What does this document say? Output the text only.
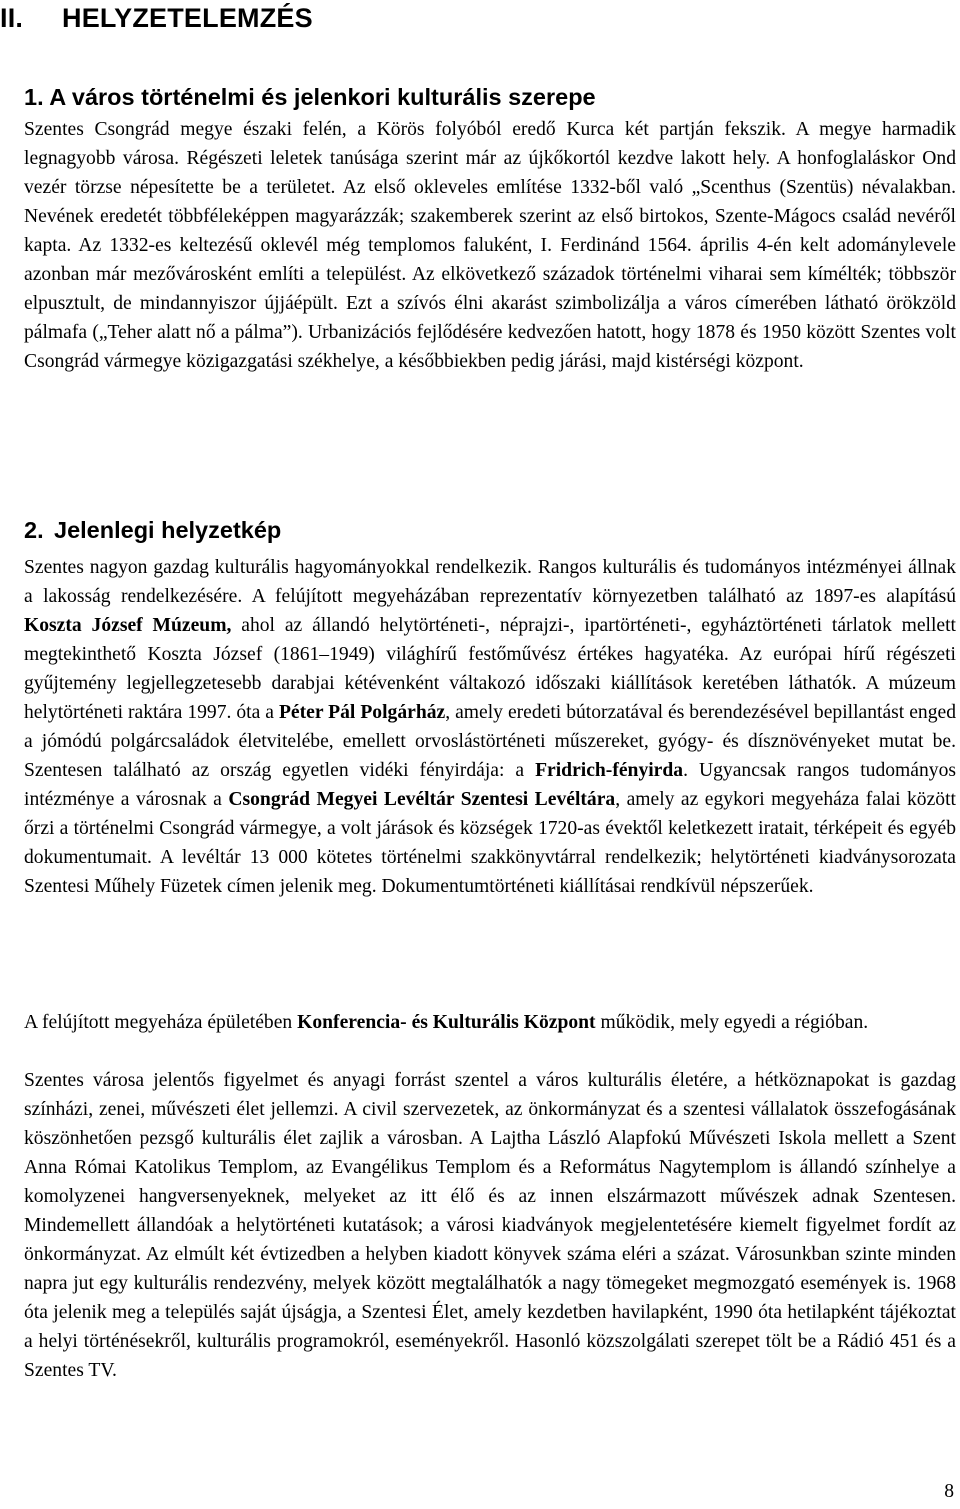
II. HELYZETELEMZÉS
1. A város történelmi és jelenkori kulturális szerepe

Szentes Csongrád megye északi felén, a Körös folyóból eredő Kurca két partján fekszik. A megye harmadik legnagyobb városa. Régészeti leletek tanúsága szerint már az újkőkortól kezdve lakott hely. A honfoglaláskor Ond vezér törzse népesítette be a területet. Az első okleveles említése 1332-ből való „Scenthus (Szentüs) névalakban. Nevének eredetét többféleképpen magyarázzák; szakemberek szerint az első birtokos, Szente-Mágocs család nevéről kapta. Az 1332-es keltezésű oklevél még templomos faluként, I. Ferdinánd 1564. április 4-én kelt adománylevele azonban már mezővárosként említi a települést. Az elkövetkező századok történelmi viharai sem kímélték; többször elpusztult, de mindannyiszor újjáépült. Ezt a szívós élni akarást szimbolizálja a város címerében látható örökzöld pálmafa („Teher alatt nő a pálma”). Urbanizációs fejlődésére kedvezően hatott, hogy 1878 és 1950 között Szentes volt Csongrád vármegye közigazgatási székhelye, a későbbiekben pedig járási, majd kistérségi központ.

2. Jelenlegi helyzetkép

Szentes nagyon gazdag kulturális hagyományokkal rendelkezik. Rangos kulturális és tudományos intézményei állnak a lakosság rendelkezésére. A felújított megyeházában reprezentatív környezetben található az 1897-es alapítású Koszta József Múzeum, ahol az állandó helytörténeti-, néprajzi-, ipartörténeti-, egyháztörténeti tárlatok mellett megtekinthető Koszta József (1861–1949) világhírű festőművész értékes hagyatéka. Az európai hírű régészeti gyűjtemény legjellegzetesebb darabjai kétévenként váltakozó időszaki kiállítások keretében láthatók. A múzeum helytörténeti raktára 1997. óta a Péter Pál Polgárház, amely eredeti bútorzatával és berendezésével bepillantást enged a jómódú polgárcsaládok életvitelébe, emellett orvoslástörténeti műszereket, gyógy- és dísznövényeket mutat be. Szentesen található az ország egyetlen vidéki fényirdája: a Fridrich-fényirda. Ugyancsak rangos tudományos intézménye a városnak a Csongrád Megyei Levéltár Szentesi Levéltára, amely az egykori megyeháza falai között őrzi a történelmi Csongrád vármegye, a volt járások és községek 1720-as évektől keletkezett iratait, térképeit és egyéb dokumentumait. A levéltár 13 000 kötetes történelmi szakkönyvtárral rendelkezik; helytörténeti kiadványsorozata Szentesi Műhely Füzetek címen jelenik meg. Dokumentumtörténeti kiállításai rendkívül népszerűek.

A felújított megyeháza épületében Konferencia- és Kulturális Központ működik, mely egyedi a régióban.

Szentes városa jelentős figyelmet és anyagi forrást szentel a város kulturális életére, a hétköznapokat is gazdag színházi, zenei, művészeti élet jellemzi. A civil szervezetek, az önkormányzat és a szentesi vállalatok összefogásának köszönhetően pezsgő kulturális élet zajlik a városban. A Lajtha László Alapfokú Művészeti Iskola mellett a Szent Anna Római Katolikus Templom, az Evangélikus Templom és a Református Nagytemplom is állandó színhelye a komolyzenei hangversenyeknek, melyeket az itt élő és az innen elszármazott művészek adnak Szentesen. Mindemellett állandóak a helytörténeti kutatások; a városi kiadványok megjelentetésére kiemelt figyelmet fordít az önkormányzat. Az elmúlt két évtizedben a helyben kiadott könyvek száma eléri a százat. Városunkban szinte minden napra jut egy kulturális rendezvény, melyek között megtalálhatók a nagy tömegeket megmozgató események is. 1968 óta jelenik meg a település saját újságja, a Szentesi Élet, amely kezdetben havilapként, 1990 óta hetilapként tájékoztat a helyi történésekről, kulturális programokról, eseményekről. Hasonló közszolgálati szerepet tölt be a Rádió 451 és a Szentes TV.

8
